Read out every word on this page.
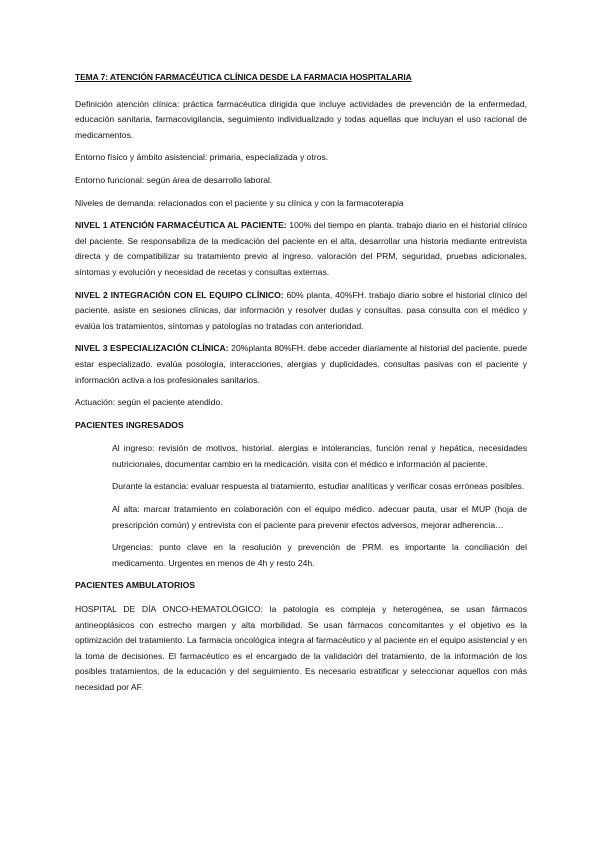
TEMA 7: ATENCIÓN FARMACÉUTICA CLÍNICA DESDE LA FARMACIA HOSPITALARIA

Definición atención clínica: práctica farmacéutica dirigida que incluye actividades de prevención de la enfermedad, educación sanitaria, farmacovigilancia, seguimiento individualizado y todas aquellas que incluyan el uso racional de medicamentos.

Entorno físico y ámbito asistencial: primaria, especializada y otros.

Entorno funcional: según área de desarrollo laboral.

Niveles de demanda: relacionados con el paciente y su clínica y con la farmacoterapia

NIVEL 1 ATENCIÓN FARMACÉUTICA AL PACIENTE: 100% del tiempo en planta. trabajo diario en el historial clínico del paciente. Se responsabiliza de la medicación del paciente en el alta, desarrollar una historia mediante entrevista directa y de compatibilizar su tratamiento previo al ingreso. valoración del PRM, seguridad, pruebas adicionales, síntomas y evolución y necesidad de recetas y consultas externas.

NIVEL 2 INTEGRACIÓN CON EL EQUIPO CLÍNICO: 60% planta, 40%FH. trabajo diario sobre el historial clínico del paciente. asiste en sesiones clínicas, dar información y resolver dudas y consultas. pasa consulta con el médico y evalúa los tratamientos, síntomas y patologías no tratadas con anterioridad.

NIVEL 3 ESPECIALIZACIÓN CLÍNICA: 20%planta 80%FH. debe acceder diariamente al historial del paciente. puede estar especializado. evalúa posología, interacciones, alergias y duplicidades. consultas pasivas con el paciente y información activa a los profesionales sanitarios.

Actuación: según el paciente atendido.

PACIENTES INGRESADOS

Al ingreso: revisión de motivos, historial. alergias e intolerancias, función renal y hepática, necesidades nutricionales, documentar cambio en la medicación. visita con el médico e información al paciente.

Durante la estancia: evaluar respuesta al tratamiento, estudiar analíticas y verificar cosas erróneas posibles.

Al alta: marcar tratamiento en colaboración con el equipo médico. adecuar pauta, usar el MUP (hoja de prescripción común) y entrevista con el paciente para prevenir efectos adversos, mejorar adherencia…

Urgencias: punto clave en la resolución y prevención de PRM. es importante la conciliación del medicamento. Urgentes en menos de 4h y resto 24h.

PACIENTES AMBULATORIOS

HOSPITAL DE DÍA ONCO-HEMATOLÓGICO: la patología es compleja y heterogénea, se usan fármacos antineoplásicos con estrecho margen y alta morbilidad. Se usan fármacos concomitantes y el objetivo es la optimización del tratamiento. La farmacia oncológica integra al farmacéutico y al paciente en el equipo asistencial y en la toma de decisiones. El farmacéutico es el encargado de la validación del tratamiento, de la información de los posibles tratamientos, de la educación y del seguimiento. Es necesario estratificar y seleccionar aquellos con más necesidad por AF.
